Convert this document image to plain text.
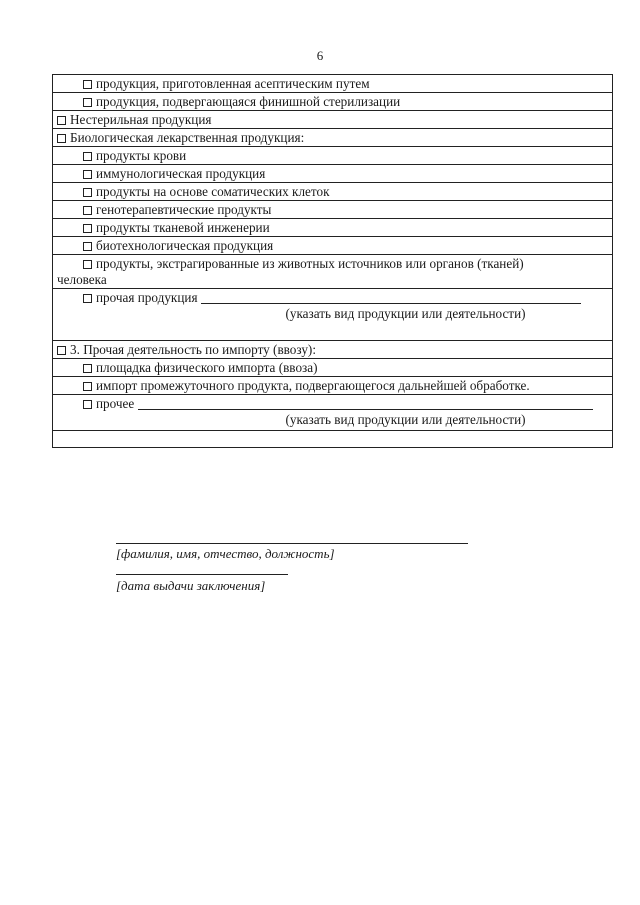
6
продукция, приготовленная асептическим путем
продукция, подвергающаяся финишной стерилизации
Нестерильная продукция
Биологическая лекарственная продукция:
продукты крови
иммунологическая продукция
продукты на основе соматических клеток
генотерапевтические продукты
продукты тканевой инженерии
биотехнологическая продукция
продукты, экстрагированные из животных источников или органов (тканей)
человека
прочая продукция
(указать вид продукции или деятельности)
3. Прочая деятельность по импорту (ввозу):
площадка физического импорта (ввоза)
импорт промежуточного продукта, подвергающегося дальнейшей обработке.
прочее
(указать вид продукции или деятельности)
[фамилия, имя, отчество, должность]
[дата выдачи заключения]
